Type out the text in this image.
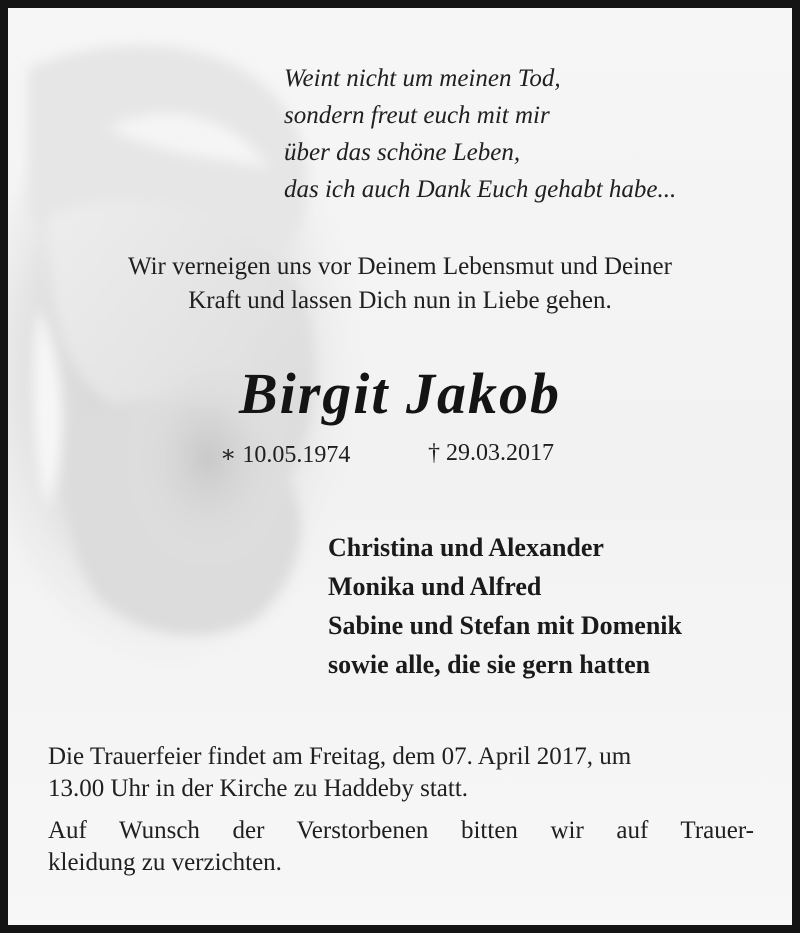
Weint nicht um meinen Tod,
sondern freut euch mit mir
über das schöne Leben,
das ich auch Dank Euch gehabt habe...
Wir verneigen uns vor Deinem Lebensmut und Deiner
Kraft und lassen Dich nun in Liebe gehen.
Birgit Jakob
∗ 10.05.1974	† 29.03.2017
Christina und Alexander
Monika und Alfred
Sabine und Stefan mit Domenik
sowie alle, die sie gern hatten
Die Trauerfeier findet am Freitag, dem 07. April 2017, um
13.00 Uhr in der Kirche zu Haddeby statt.
Auf Wunsch der Verstorbenen bitten wir auf Trauer-
kleidung zu verzichten.
